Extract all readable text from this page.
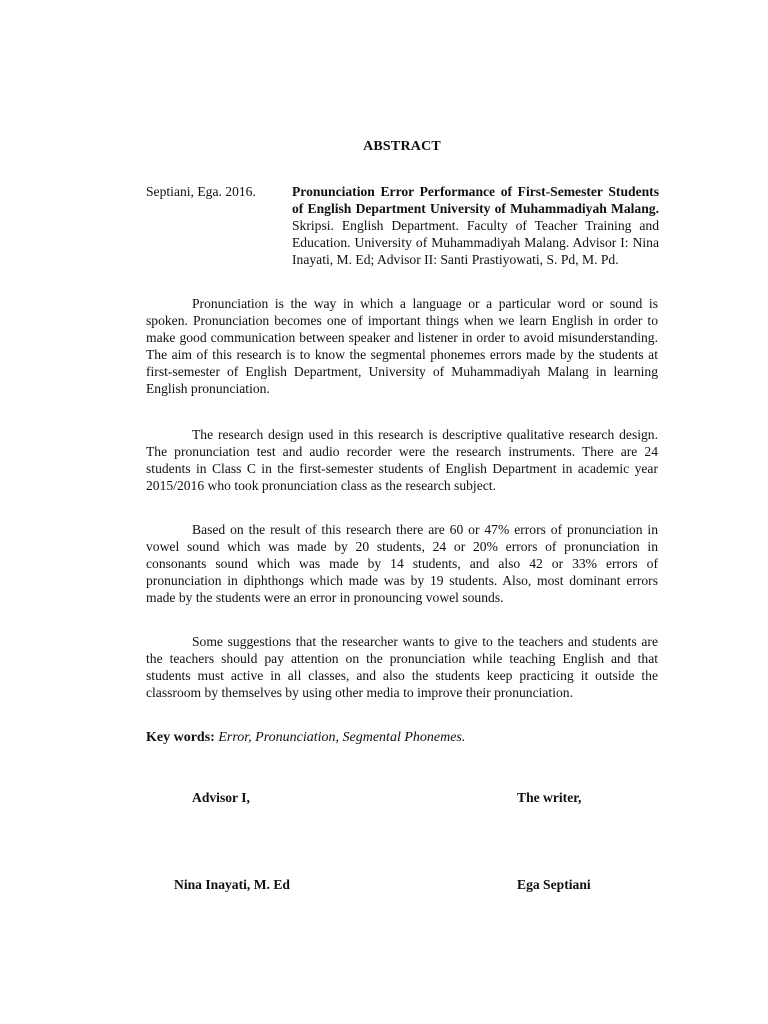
ABSTRACT
Septiani, Ega. 2016.	Pronunciation Error Performance of First-Semester Students of English Department University of Muhammadiyah Malang. Skripsi. English Department. Faculty of Teacher Training and Education. University of Muhammadiyah Malang. Advisor I: Nina Inayati, M. Ed; Advisor II: Santi Prastiyowati, S. Pd, M. Pd.

Pronunciation is the way in which a language or a particular word or sound is spoken. Pronunciation becomes one of important things when we learn English in order to make good communication between speaker and listener in order to avoid misunderstanding. The aim of this research is to know the segmental phonemes errors made by the students at first-semester of English Department, University of Muhammadiyah Malang in learning English pronunciation.

The research design used in this research is descriptive qualitative research design. The pronunciation test and audio recorder were the research instruments. There are 24 students in Class C in the first-semester students of English Department in academic year 2015/2016 who took pronunciation class as the research subject.

Based on the result of this research there are 60 or 47% errors of pronunciation in vowel sound which was made by 20 students, 24 or 20% errors of pronunciation in consonants sound which was made by 14 students, and also 42 or 33% errors of pronunciation in diphthongs which made was by 19 students. Also, most dominant errors made by the students were an error in pronouncing vowel sounds.

Some suggestions that the researcher wants to give to the teachers and students are the teachers should pay attention on the pronunciation while teaching English and that students must active in all classes, and also the students keep practicing it outside the classroom by themselves by using other media to improve their pronunciation.

Key words: Error, Pronunciation, Segmental Phonemes.
Advisor I,	The writer,
Nina Inayati, M. Ed	Ega Septiani
